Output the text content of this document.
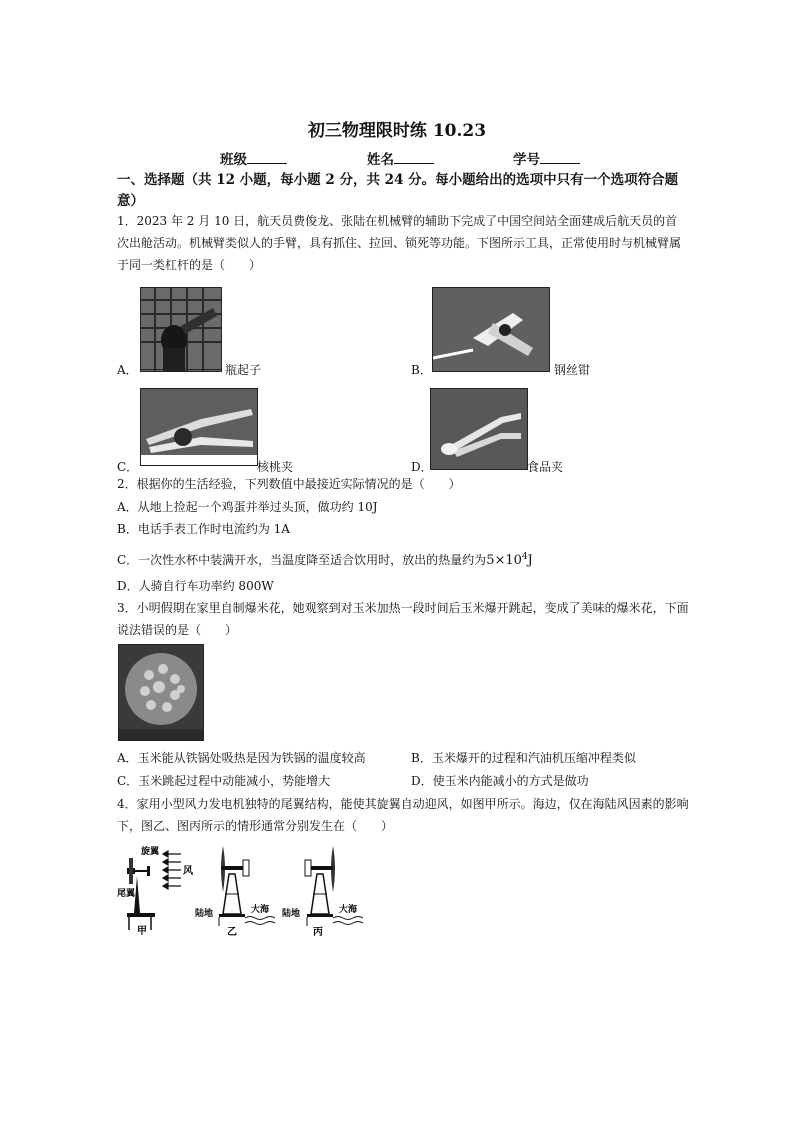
初三物理限时练 10.23
班级	姓名	学号
一、选择题（共 12 小题，每小题 2 分，共 24 分。每小题给出的选项中只有一个选项符合题意）
1．2023 年 2 月 10 日，航天员费俊龙、张陆在机械臂的辅助下完成了中国空间站全面建成后航天员的首次出舱活动。机械臂类似人的手臂，具有抓住、拉回、锁死等功能。下图所示工具，正常使用时与机械臂属于同一类杠杆的是（　　）
A．	瓶起子	B．	钢丝钳
C．	核桃夹	D．	食品夹
2．根据你的生活经验，下列数值中最接近实际情况的是（　　）
A．从地上捡起一个鸡蛋并举过头顶，做功约 10J
B．电话手表工作时电流约为 1A
C．一次性水杯中装满开水，当温度降至适合饮用时，放出的热量约为$5\times 10^4J$
D．人骑自行车功率约 800W
3．小明假期在家里自制爆米花，她观察到对玉米加热一段时间后玉米爆开跳起，变成了美味的爆米花，下面说法错误的是（　　）
A．玉米能从铁锅处吸热是因为铁锅的温度较高	B．玉米爆开的过程和汽油机压缩冲程类似
C．玉米跳起过程中动能减小，势能增大	D．使玉米内能减小的方式是做功
4．家用小型风力发电机独特的尾翼结构，能使其旋翼自动迎风，如图甲所示。海边，仅在海陆风因素的影响下，图乙、图丙所示的情形通常分别发生在（　　）
旋翼
尾翼
风
甲
陆地	大海
乙
陆地	大海
丙
